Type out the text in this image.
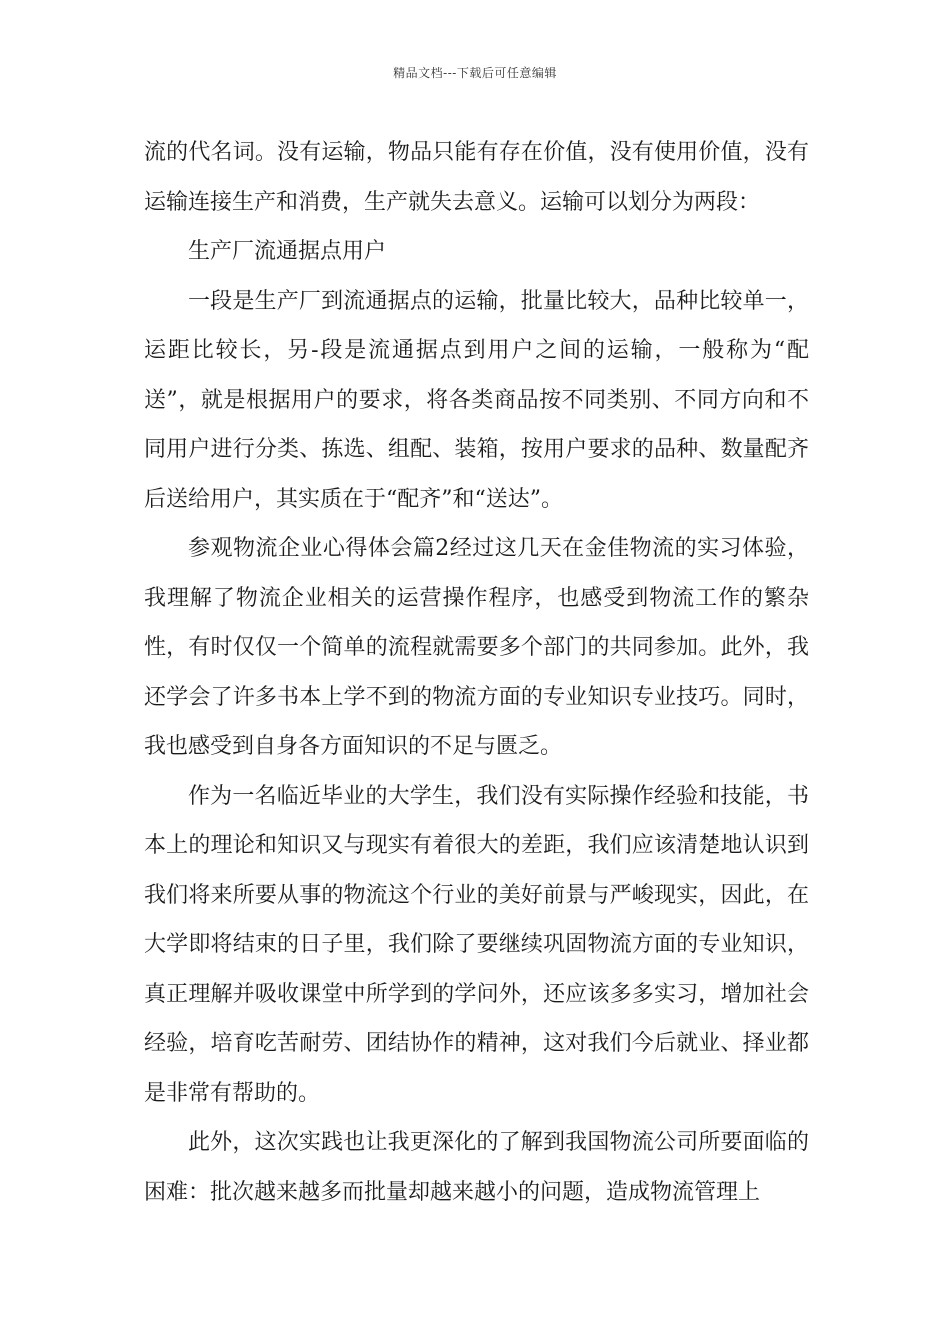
精品文档---下载后可任意编辑

流的代名词。没有运输，物品只能有存在价值，没有使用价值，没有运输连接生产和消费，生产就失去意义。运输可以划分为两段：

生产厂流通据点用户

一段是生产厂到流通据点的运输，批量比较大，品种比较单一，运距比较长，另-段是流通据点到用户之间的运输，一般称为“配送”，就是根据用户的要求，将各类商品按不同类别、不同方向和不同用户进行分类、拣选、组配、装箱，按用户要求的品种、数量配齐后送给用户，其实质在于“配齐”和“送达”。

参观物流企业心得体会篇2经过这几天在金佳物流的实习体验，我理解了物流企业相关的运营操作程序，也感受到物流工作的繁杂性，有时仅仅一个简单的流程就需要多个部门的共同参加。此外，我还学会了许多书本上学不到的物流方面的专业知识专业技巧。同时，我也感受到自身各方面知识的不足与匮乏。

作为一名临近毕业的大学生，我们没有实际操作经验和技能，书本上的理论和知识又与现实有着很大的差距，我们应该清楚地认识到我们将来所要从事的物流这个行业的美好前景与严峻现实，因此，在大学即将结束的日子里，我们除了要继续巩固物流方面的专业知识，真正理解并吸收课堂中所学到的学问外，还应该多多实习，增加社会经验，培育吃苦耐劳、团结协作的精神，这对我们今后就业、择业都是非常有帮助的。

此外，这次实践也让我更深化的了解到我国物流公司所要面临的困难：批次越来越多而批量却越来越小的问题，造成物流管理上
